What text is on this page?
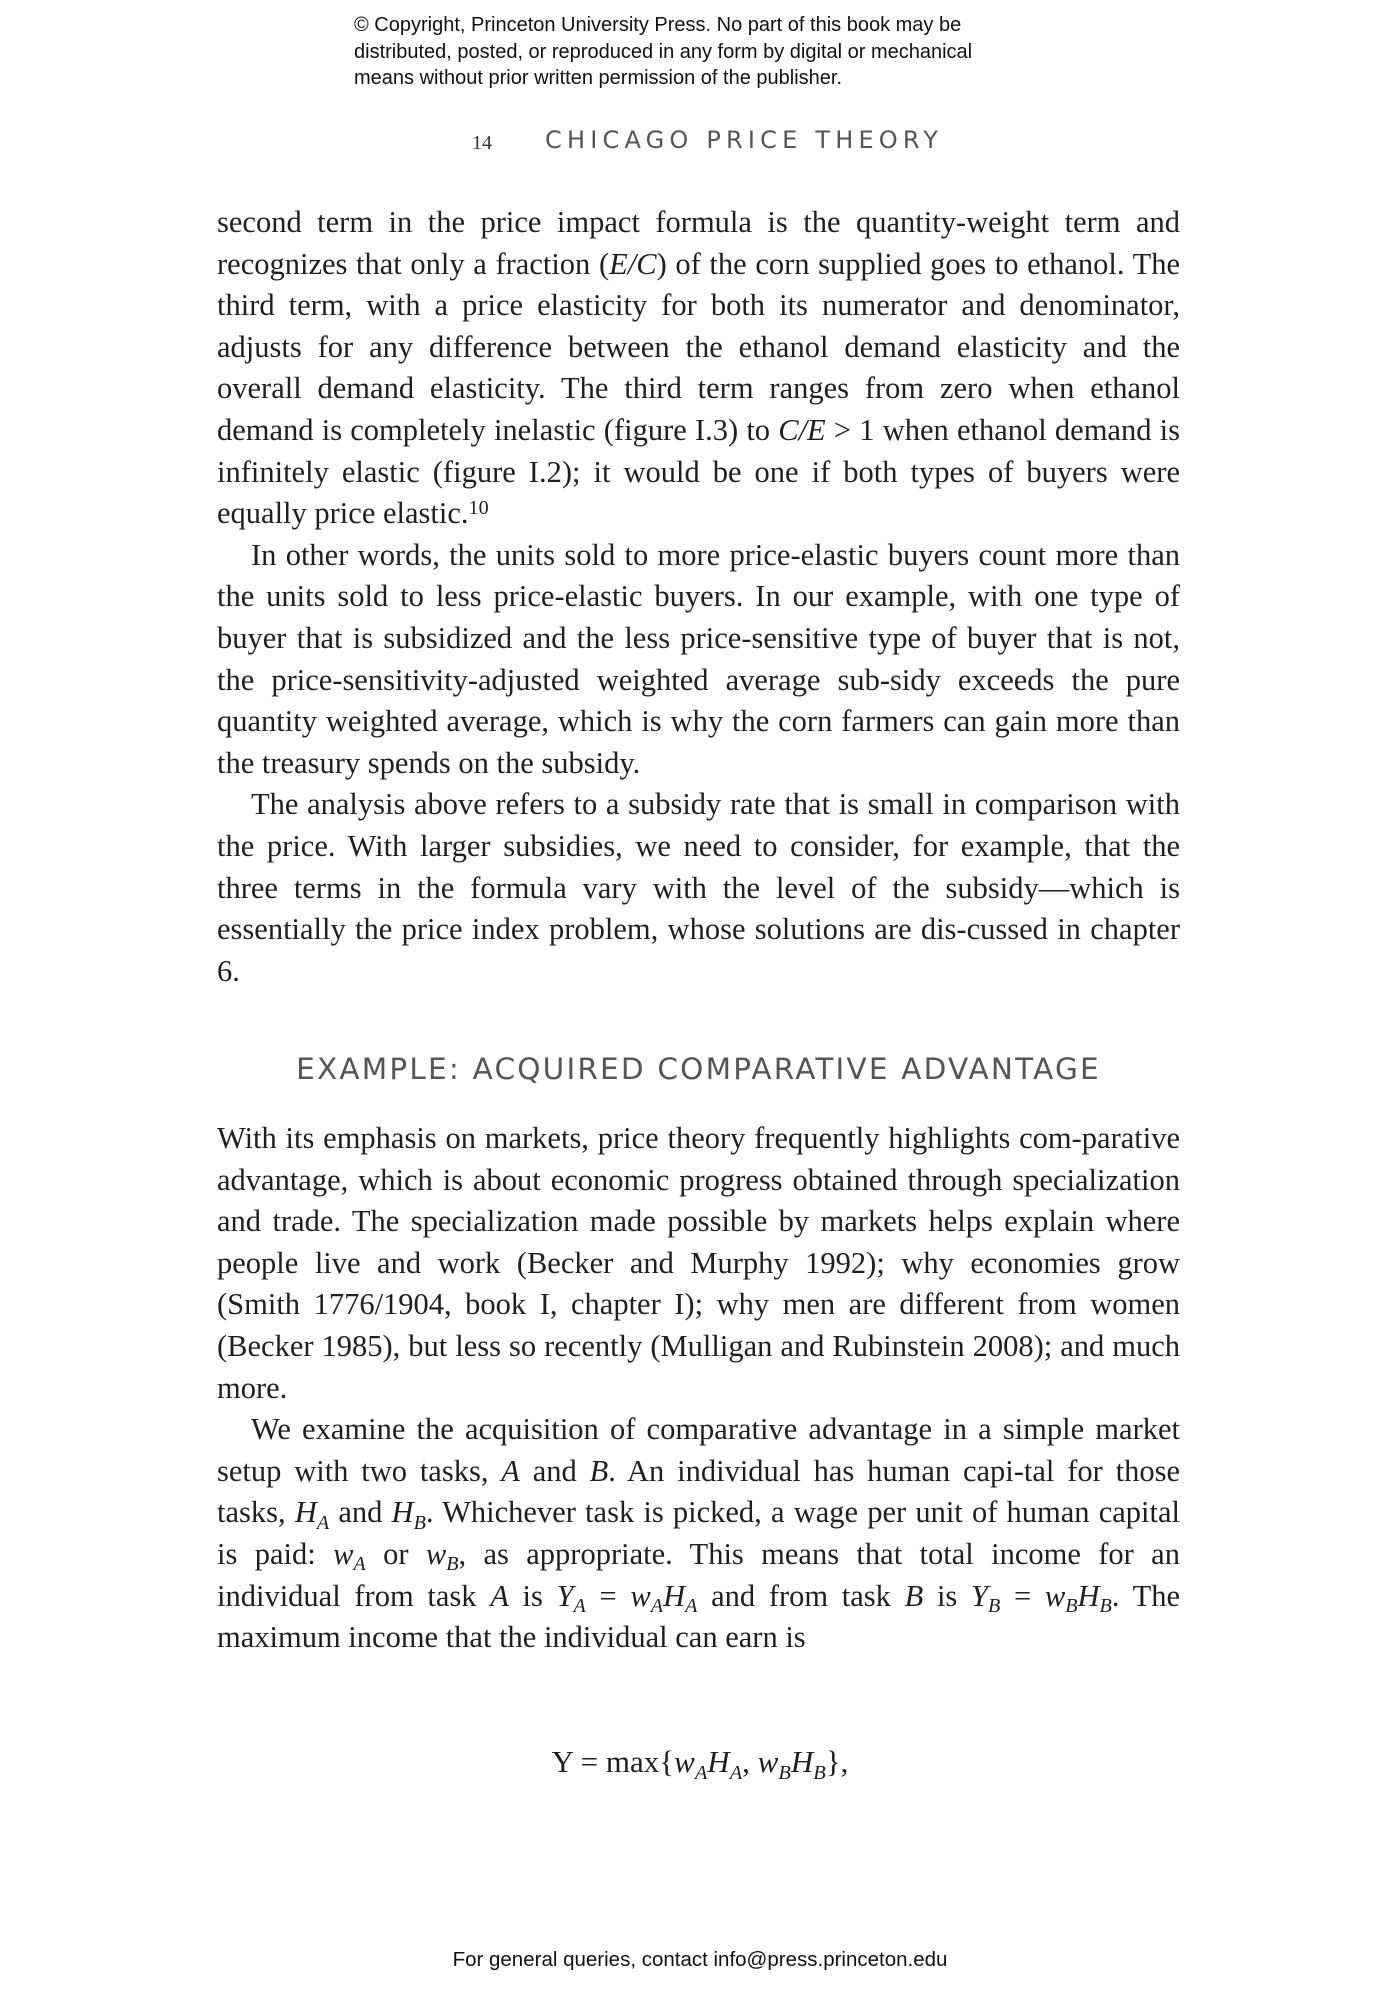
© Copyright, Princeton University Press. No part of this book may be
distributed, posted, or reproduced in any form by digital or mechanical
means without prior written permission of the publisher.
14 CHICAGO PRICE THEORY

second term in the price impact formula is the quantity-weight term and recognizes that only a fraction (E/C) of the corn supplied goes to ethanol. The third term, with a price elasticity for both its numerator and denominator, adjusts for any difference between the ethanol demand elasticity and the overall demand elasticity. The third term ranges from zero when ethanol demand is completely inelastic (figure I.3) to C/E > 1 when ethanol demand is infinitely elastic (figure I.2); it would be one if both types of buyers were equally price elastic.$^{10}$

In other words, the units sold to more price-elastic buyers count more than the units sold to less price-elastic buyers. In our example, with one type of buyer that is subsidized and the less price-sensitive type of buyer that is not, the price-sensitivity-adjusted weighted average sub-sidy exceeds the pure quantity weighted average, which is why the corn farmers can gain more than the treasury spends on the subsidy.

The analysis above refers to a subsidy rate that is small in comparison with the price. With larger subsidies, we need to consider, for example, that the three terms in the formula vary with the level of the subsidy—which is essentially the price index problem, whose solutions are dis-cussed in chapter 6.

EXAMPLE: ACQUIRED COMPARATIVE ADVANTAGE

With its emphasis on markets, price theory frequently highlights com-parative advantage, which is about economic progress obtained through specialization and trade. The specialization made possible by markets helps explain where people live and work (Becker and Murphy 1992); why economies grow (Smith 1776/1904, book I, chapter I); why men are different from women (Becker 1985), but less so recently (Mulligan and Rubinstein 2008); and much more.

We examine the acquisition of comparative advantage in a simple market setup with two tasks, A and B. An individual has human capi-tal for those tasks, $H_A$ and $H_B$. Whichever task is picked, a wage per unit of human capital is paid: $w_A$ or $w_B$, as appropriate. This means that total income for an individual from task A is $Y_A = w_AH_A$ and from task B is $Y_B = w_BH_B$. The maximum income that the individual can earn is

$Y = \max\{w_AH_A$, $w_BH_B$},
For general queries, contact info@press.princeton.edu
